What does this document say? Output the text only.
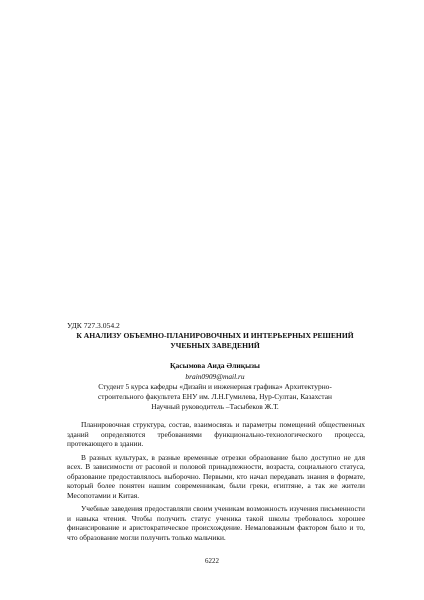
УДК 727.3.054.2
К АНАЛИЗУ ОБЪЕМНО-ПЛАНИРОВОЧНЫХ И ИНТЕРЬЕРНЫХ РЕШЕНИЙ
УЧЕБНЫХ ЗАВЕДЕНИЙ
Қасымова Аида Әлиқызы
brain0909@mail.ru
Студент 5 курса кафедры «Дизайн и инженерная графика» Архитектурно-
строительного факультета ЕНУ им. Л.Н.Гумилева, Нур-Султан, Казахстан
Научный руководитель –Тасыбеков Ж.Т.

Планировочная структура, состав, взаимосвязь и параметры помещений общественных зданий определяются требованиями функционально-технологического процесса, протекающего в здании.

В разных культурах, в разные временные отрезки образование было доступно не для всех. В зависимости от расовой и половой принадлежности, возраста, социального статуса, образование предоставлялось выборочно. Первыми, кто начал передавать знания в формате, который более понятен нашим современникам, были греки, египтяне, а так же жители Месопотамии и Китая.

Учебные заведения предоставляли своим ученикам возможность изучения письменности и навыка чтения. Чтобы получить статус ученика такой школы требовалось хорошее финансирование и аристократическое происхождение. Немаловажным фактором было и то, что образование могли получить только мальчики.

6222
